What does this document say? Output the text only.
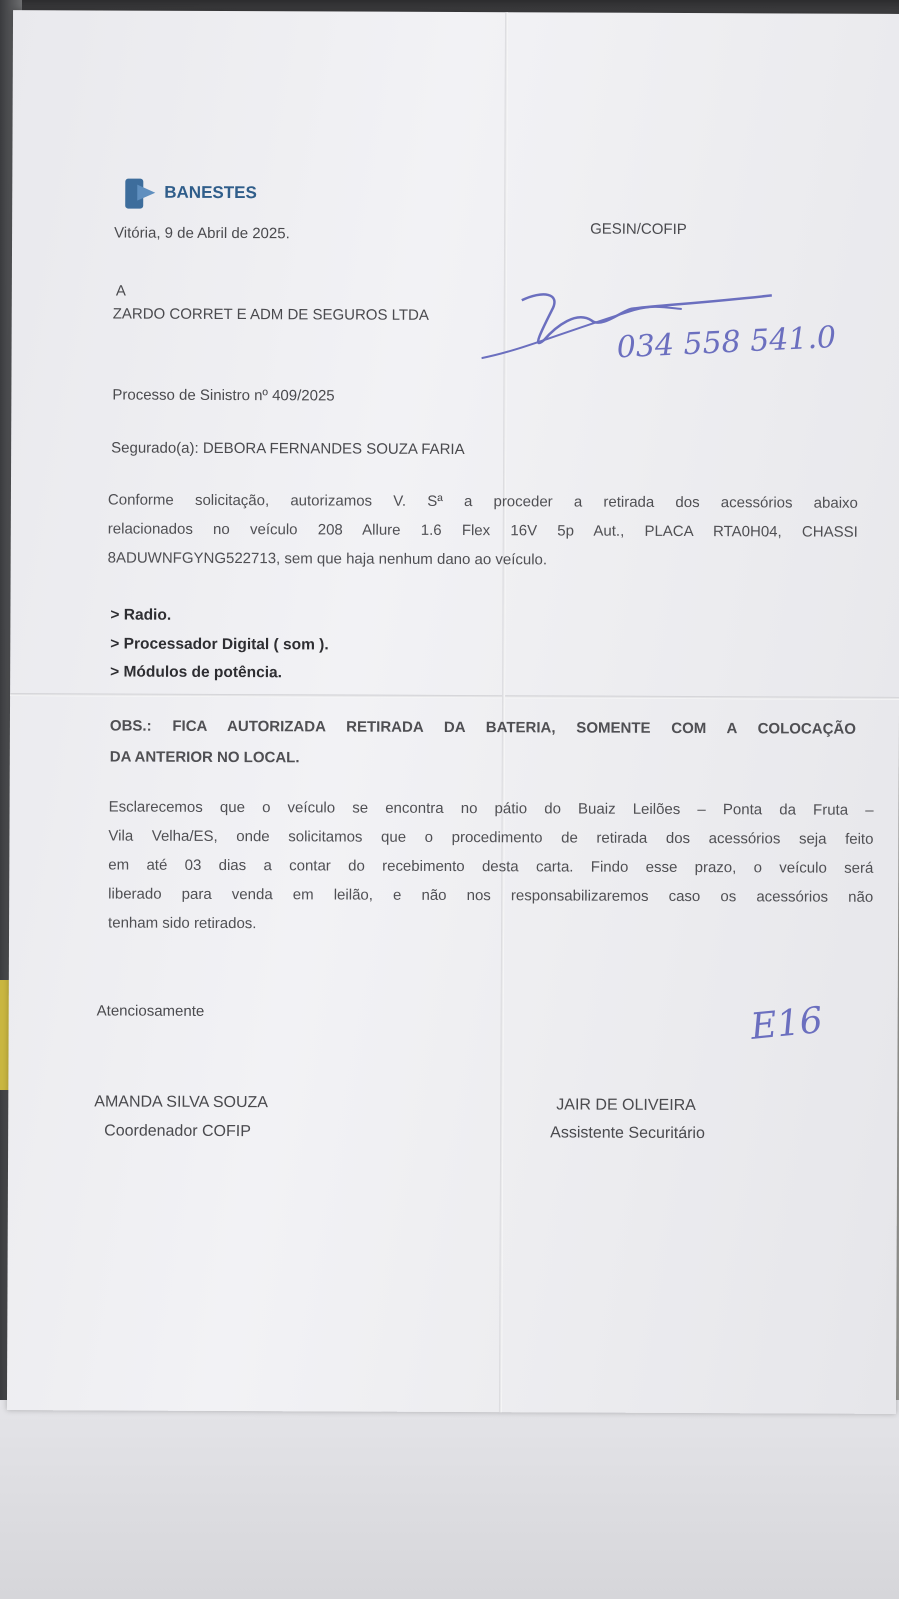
BANESTES
Vitória, 9 de Abril de 2025.	GESIN/COFIP
A
ZARDO CORRET E ADM DE SEGUROS LTDA
034 558 541.0
Processo de Sinistro nº 409/2025
Segurado(a): DEBORA FERNANDES SOUZA FARIA
Conforme solicitação, autorizamos V. Sª a proceder a retirada dos acessórios abaixo
relacionados no veículo 208 Allure 1.6 Flex 16V 5p Aut., PLACA RTA0H04, CHASSI
8ADUWNFGYNG522713, sem que haja nenhum dano ao veículo.
> Radio.
> Processador Digital ( som ).
> Módulos de potência.
OBS.: FICA AUTORIZADA RETIRADA DA BATERIA, SOMENTE COM A COLOCAÇÃO
DA ANTERIOR NO LOCAL.
Esclarecemos que o veículo se encontra no pátio do Buaiz Leilões – Ponta da Fruta –
Vila Velha/ES, onde solicitamos que o procedimento de retirada dos acessórios seja feito
em até 03 dias a contar do recebimento desta carta. Findo esse prazo, o veículo será
liberado para venda em leilão, e não nos responsabilizaremos caso os acessórios não
tenham sido retirados.
Atenciosamente	E16
AMANDA SILVA SOUZA
Coordenador COFIP
JAIR DE OLIVEIRA
Assistente Securitário
